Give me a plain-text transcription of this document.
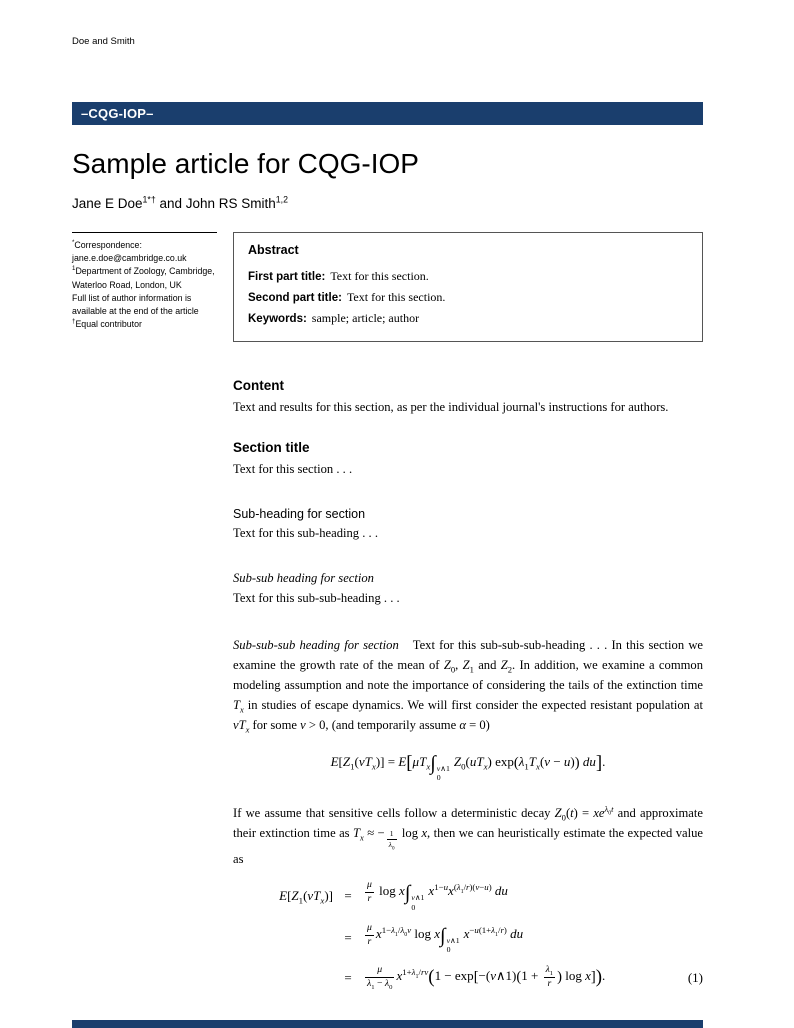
Doe and Smith
–CQG-IOP–
Sample article for CQG-IOP
Jane E Doe$^{1*\dagger}$ and John RS Smith$^{1,2}$
*Correspondence:
jane.e.doe@cambridge.co.uk
$^1$Department of Zoology, Cambridge, Waterloo Road, London, UK
Full list of author information is available at the end of the article
†Equal contributor
Abstract
First part title: Text for this section.
Second part title: Text for this section.
Keywords: sample; article; author
Content

Text and results for this section, as per the individual journal's instructions for authors.

Section title

Text for this section . . .

Sub-heading for section

Text for this sub-heading . . .

Sub-sub heading for section

Text for this sub-sub-heading . . .

Sub-sub-sub heading for section Text for this sub-sub-sub-heading . . . In this section we examine the growth rate of the mean of $Z_0$, $Z_1$ and $Z_2$. In addition, we examine a common modeling assumption and note the importance of considering the tails of the extinction time $T_x$ in studies of escape dynamics. We will first consider the expected resistant population at $vT_x$ for some v > 0, (and temporarily assume α = 0)

$E[Z_1(vT_x)] = E[\mu T_x\int$ v∧1
0
$Z_0(uT_x) \exp(\lambda_1T_x(v - u))$ du].

If we assume that sensitive cells follow a deterministic decay $Z_0(t) = xe^{\lambda_0t}$ and approximate their extinction time as $T_x$ ≈ − $\frac{1}{\lambda_0}$ log x, then we can heuristically estimate the expected value as

$E[Z_1(vT_x)]$ =	$\frac{\mu}{r}$ log x∫ v∧1
0
$x^{1-u}x^{(\lambda_1/r)(v-u)}$ du
=	$\frac{\mu}{r} x^{1-\lambda_1/\lambda_0v}$ log x∫ v∧1
0
$x^{-u(1+\lambda_1/r)}$ du
=	$\frac{\mu}{\lambda_1 - \lambda_0} x^{1+\lambda_1/rv}(1$ − exp[−(v∧1)(1 + $\frac{\lambda_1}{r}$ ) log x]).	(1)
